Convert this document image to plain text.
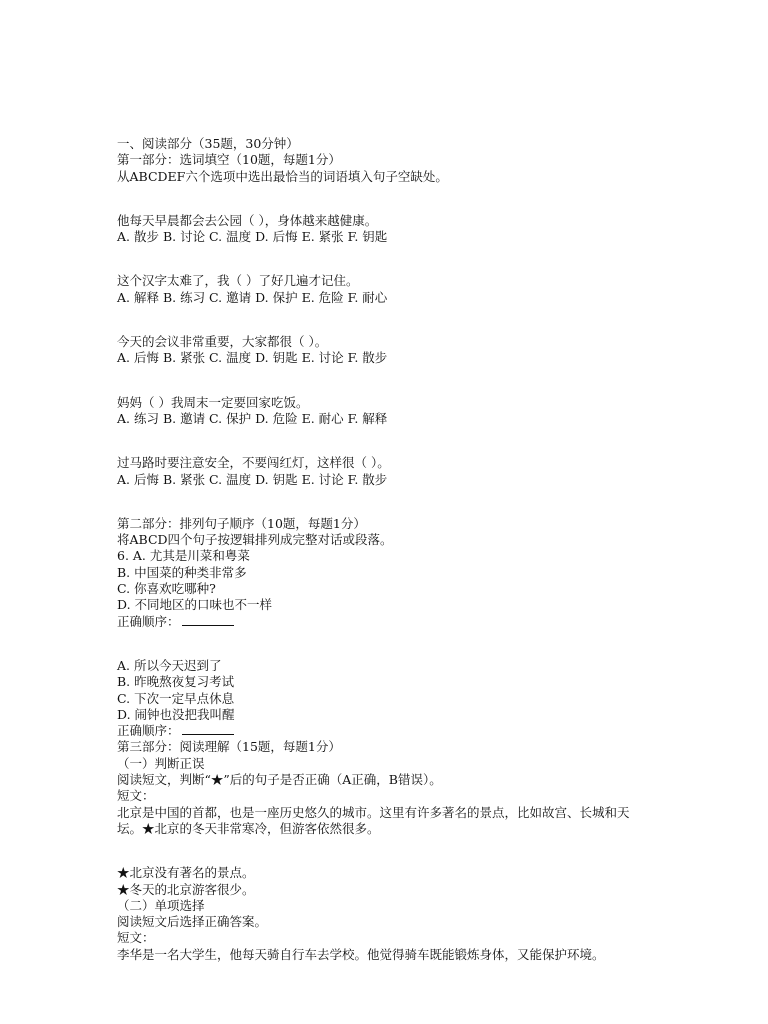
一、阅读部分（35题，30分钟）
第一部分：选词填空（10题，每题1分）
从ABCDEF六个选项中选出最恰当的词语填入句子空缺处。
他每天早晨都会去公园（ ），身体越来越健康。
A. 散步 B. 讨论 C. 温度 D. 后悔 E. 紧张 F. 钥匙
这个汉字太难了，我（ ）了好几遍才记住。
A. 解释 B. 练习 C. 邀请 D. 保护 E. 危险 F. 耐心
今天的会议非常重要，大家都很（ ）。
A. 后悔 B. 紧张 C. 温度 D. 钥匙 E. 讨论 F. 散步
妈妈（ ）我周末一定要回家吃饭。
A. 练习 B. 邀请 C. 保护 D. 危险 E. 耐心 F. 解释
过马路时要注意安全，不要闯红灯，这样很（ ）。
A. 后悔 B. 紧张 C. 温度 D. 钥匙 E. 讨论 F. 散步
第二部分：排列句子顺序（10题，每题1分）
将ABCD四个句子按逻辑排列成完整对话或段落。
6. A. 尤其是川菜和粤菜
B. 中国菜的种类非常多
C. 你喜欢吃哪种?
D. 不同地区的口味也不一样
正确顺序：
A. 所以今天迟到了
B. 昨晚熬夜复习考试
C. 下次一定早点休息
D. 闹钟也没把我叫醒
正确顺序：
第三部分：阅读理解（15题，每题1分）
（一）判断正误
阅读短文，判断“★”后的句子是否正确（A正确，B错误）。
短文：
北京是中国的首都，也是一座历史悠久的城市。这里有许多著名的景点，比如故宫、长城和天坛。★北京的冬天非常寒冷，但游客依然很多。
★北京没有著名的景点。
★冬天的北京游客很少。
（二）单项选择
阅读短文后选择正确答案。
短文：
李华是一名大学生，他每天骑自行车去学校。他觉得骑车既能锻炼身体，又能保护环境。
